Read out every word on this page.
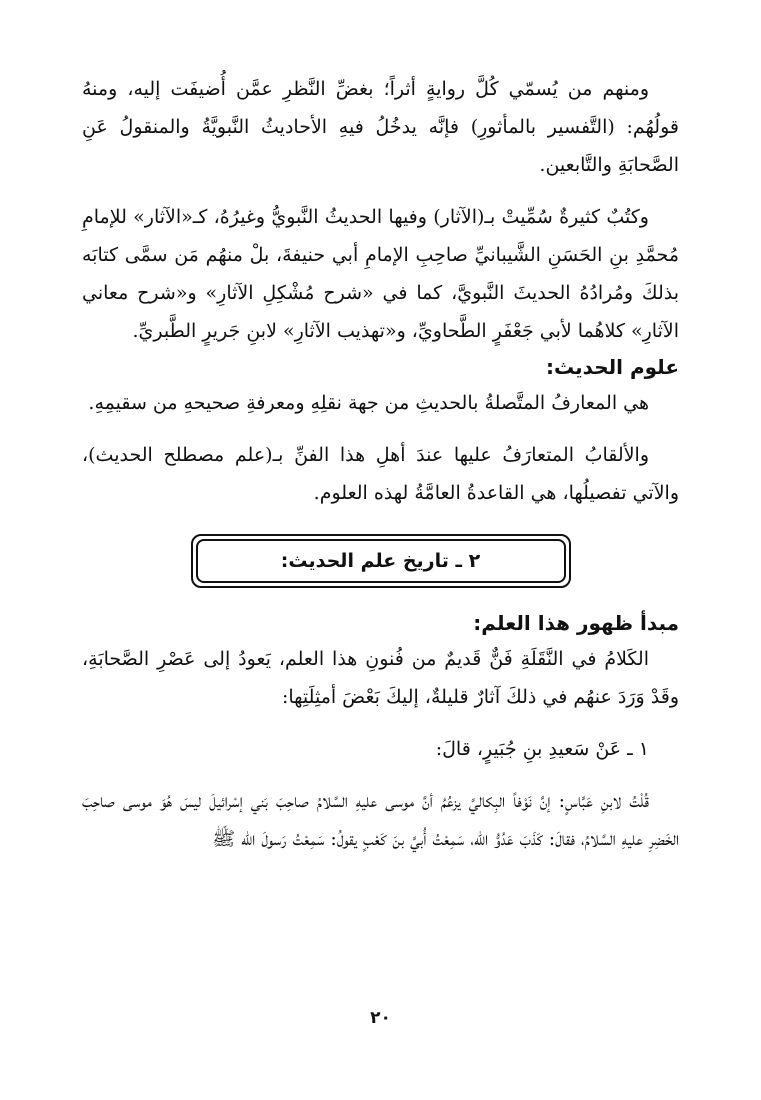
ومنهم من يُسمّي كُلَّ روايةٍ أثراً؛ بغضِّ النَّظرِ عمَّن أُضيفَت إليه، ومنهُ قولُهُم: (التَّفسير بالمأثورِ) فإنَّه يدخُلُ فيهِ الأحاديثُ النَّبويَّةُ والمنقولُ عَنِ الصَّحابَةِ والتَّابعين.

وكتُبٌ كثيرةٌ سُمِّيتْ بـ(الآثار) وفيها الحديثُ النَّبويُّ وغيرُهُ، كـ«الآثار» للإمامِ مُحمَّدِ بنِ الحَسَنِ الشَّيبانيِّ صاحِبِ الإمامِ أبي حنيفةَ، بلْ منهُم مَن سمَّى كتابَه بذلكَ ومُرادُهُ الحديثَ النَّبويَّ، كما في «شرح مُشْكِلِ الآثارِ» و«شرح معاني الآثارِ» كلاهُما لأبي جَعْفَرٍ الطَّحاويِّ، و«تهذيب الآثارِ» لابنِ جَريرٍ الطَّبريِّ.

علوم الحديث:

هي المعارفُ المتَّصلةُ بالحديثِ من جهة نقلِهِ ومعرفةِ صحيحهِ من سقيمِهِ.

والألقابُ المتعارَفُ عليها عندَ أهلِ هذا الفنِّ بـ(علم مصطلح الحديث)، والآتي تفصيلُها، هي القاعدةُ العامَّةُ لهذه العلوم.

٢ ـ تاريخ علم الحديث:
مبدأ ظهور هذا العلم:

الكَلامُ في النَّقَلَةِ فَنٌّ قَديمٌ من فُنونِ هذا العلم، يَعودُ إلى عَصْرِ الصَّحابَةِ، وقَدْ وَرَدَ عنهُم في ذلكَ آثارٌ قليلةٌ، إليكَ بَعْضَ أمثِلَتِها:

١ ـ عَنْ سَعيدِ بنِ جُبَيرٍ، قالَ:

قُلْتُ لابنِ عَبَّاسٍ: إنَّ نَوْفاً البِكاليَّ يزعُمُ أنَّ موسى عليهِ السَّلامُ صاحِبَ بَني إسْرائيلَ ليسَ هُوَ موسى صاحِبَ الخَضِرِ عليهِ السَّلامُ، فقالَ: كَذَبَ عَدُوُّ الله، سَمِعْتُ أُبيَّ بنَ كَعْبٍ يقولُ: سَمِعْتُ رَسولَ الله ﷺ

٢٠
